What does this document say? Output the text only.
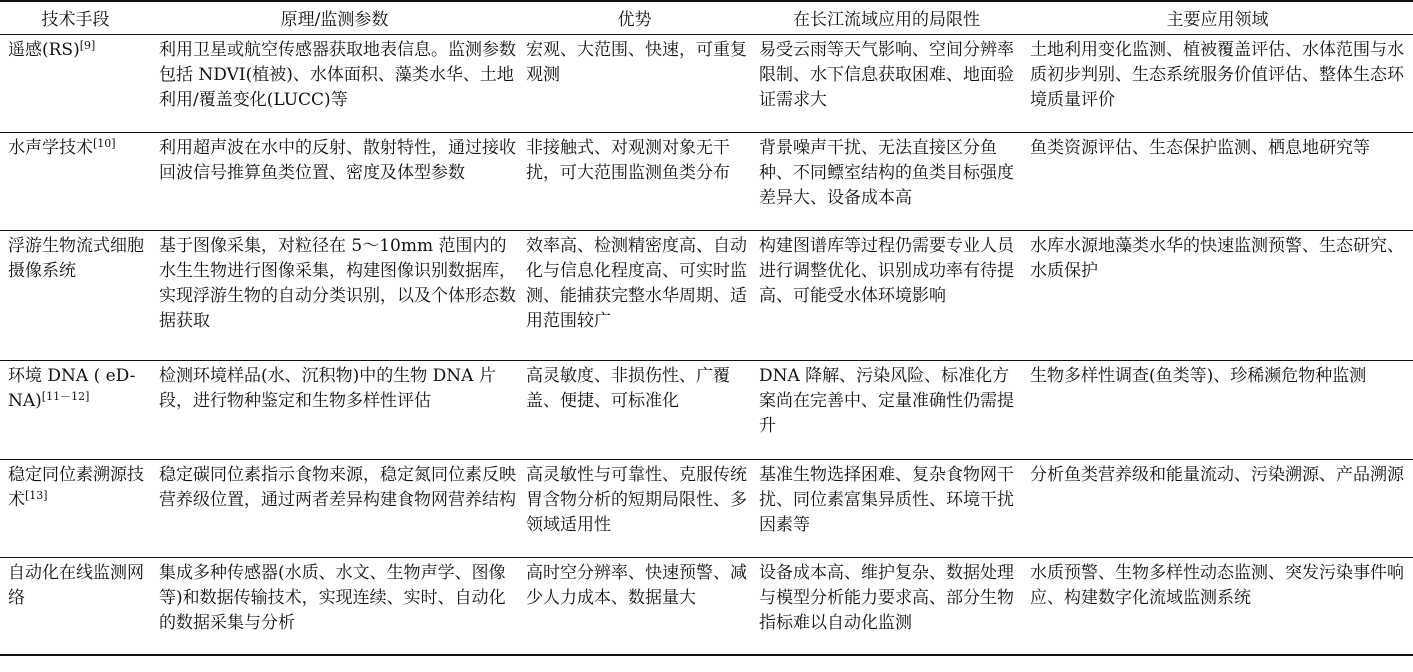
技术手段	原理/监测参数	优势	在长江流域应用的局限性	主要应用领域
遥感(RS)[9]	利用卫星或航空传感器获取地表信息。监测参数包括 NDVI(植被)、水体面积、藻类水华、土地利用/覆盖变化(LUCC)等	宏观、大范围、快速，可重复观测	易受云雨等天气影响、空间分辨率限制、水下信息获取困难、地面验证需求大	土地利用变化监测、植被覆盖评估、水体范围与水质初步判别、生态系统服务价值评估、整体生态环境质量评价
水声学技术[10]	利用超声波在水中的反射、散射特性，通过接收回波信号推算鱼类位置、密度及体型参数	非接触式、对观测对象无干扰，可大范围监测鱼类分布	背景噪声干扰、无法直接区分鱼种、不同鳔室结构的鱼类目标强度差异大、设备成本高	鱼类资源评估、生态保护监测、栖息地研究等
浮游生物流式细胞摄像系统	基于图像采集，对粒径在 5～10mm 范围内的水生生物进行图像采集，构建图像识别数据库，实现浮游生物的自动分类识别，以及个体形态数据获取	效率高、检测精密度高、自动化与信息化程度高、可实时监测、能捕获完整水华周期、适用范围较广	构建图谱库等过程仍需要专业人员进行调整优化、识别成功率有待提高、可能受水体环境影响	水库水源地藻类水华的快速监测预警、生态研究、水质保护
环境 DNA ( eD-NA)[11－12]	检测环境样品(水、沉积物)中的生物 DNA 片段，进行物种鉴定和生物多样性评估	高灵敏度、非损伤性、广覆盖、便捷、可标准化	DNA 降解、污染风险、标准化方案尚在完善中、定量准确性仍需提升	生物多样性调查(鱼类等)、珍稀濒危物种监测
稳定同位素溯源技术[13]	稳定碳同位素指示食物来源，稳定氮同位素反映营养级位置，通过两者差异构建食物网营养结构	高灵敏性与可靠性、克服传统胃含物分析的短期局限性、多领域适用性	基准生物选择困难、复杂食物网干扰、同位素富集异质性、环境干扰因素等	分析鱼类营养级和能量流动、污染溯源、产品溯源
自动化在线监测网络	集成多种传感器(水质、水文、生物声学、图像等)和数据传输技术，实现连续、实时、自动化的数据采集与分析	高时空分辨率、快速预警、减少人力成本、数据量大	设备成本高、维护复杂、数据处理与模型分析能力要求高、部分生物指标难以自动化监测	水质预警、生物多样性动态监测、突发污染事件响应、构建数字化流域监测系统
